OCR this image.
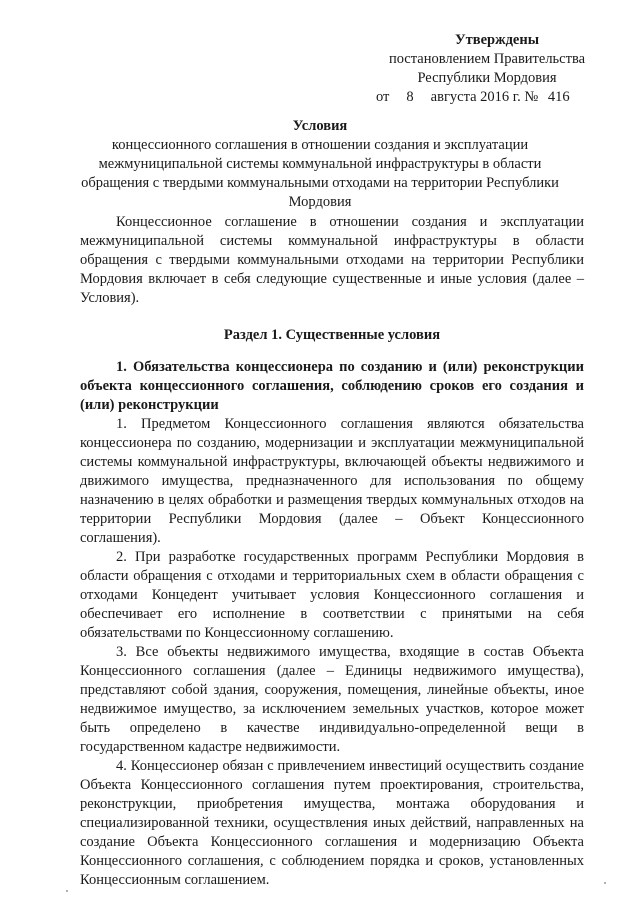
Утверждены
постановлением Правительства
Республики Мордовия
от 8 августа 2016 г. № 416
Условия
концессионного соглашения в отношении создания и эксплуатации межмуниципальной системы коммунальной инфраструктуры в области обращения с твердыми коммунальными отходами на территории Республики Мордовия

Концессионное соглашение в отношении создания и эксплуатации межмуниципальной системы коммунальной инфраструктуры в области обращения с твердыми коммунальными отходами на территории Республики Мордовия включает в себя следующие существенные и иные условия (далее – Условия).

Раздел 1. Существенные условия

1. Обязательства концессионера по созданию и (или) реконструкции объекта концессионного соглашения, соблюдению сроков его создания и (или) реконструкции

1. Предметом Концессионного соглашения являются обязательства концессионера по созданию, модернизации и эксплуатации межмуниципальной системы коммунальной инфраструктуры, включающей объекты недвижимого и движимого имущества, предназначенного для использования по общему назначению в целях обработки и размещения твердых коммунальных отходов на территории Республики Мордовия (далее – Объект Концессионного соглашения).

2. При разработке государственных программ Республики Мордовия в области обращения с отходами и территориальных схем в области обращения с отходами Концедент учитывает условия Концессионного соглашения и обеспечивает его исполнение в соответствии с принятыми на себя обязательствами по Концессионному соглашению.

3. Все объекты недвижимого имущества, входящие в состав Объекта Концессионного соглашения (далее – Единицы недвижимого имущества), представляют собой здания, сооружения, помещения, линейные объекты, иное недвижимое имущество, за исключением земельных участков, которое может быть определено в качестве индивидуально-определенной вещи в государственном кадастре недвижимости.

4. Концессионер обязан с привлечением инвестиций осуществить создание Объекта Концессионного соглашения путем проектирования, строительства, реконструкции, приобретения имущества, монтажа оборудования и специализированной техники, осуществления иных действий, направленных на создание Объекта Концессионного соглашения и модернизацию Объекта Концессионного соглашения, с соблюдением порядка и сроков, установленных Концессионным соглашением.
